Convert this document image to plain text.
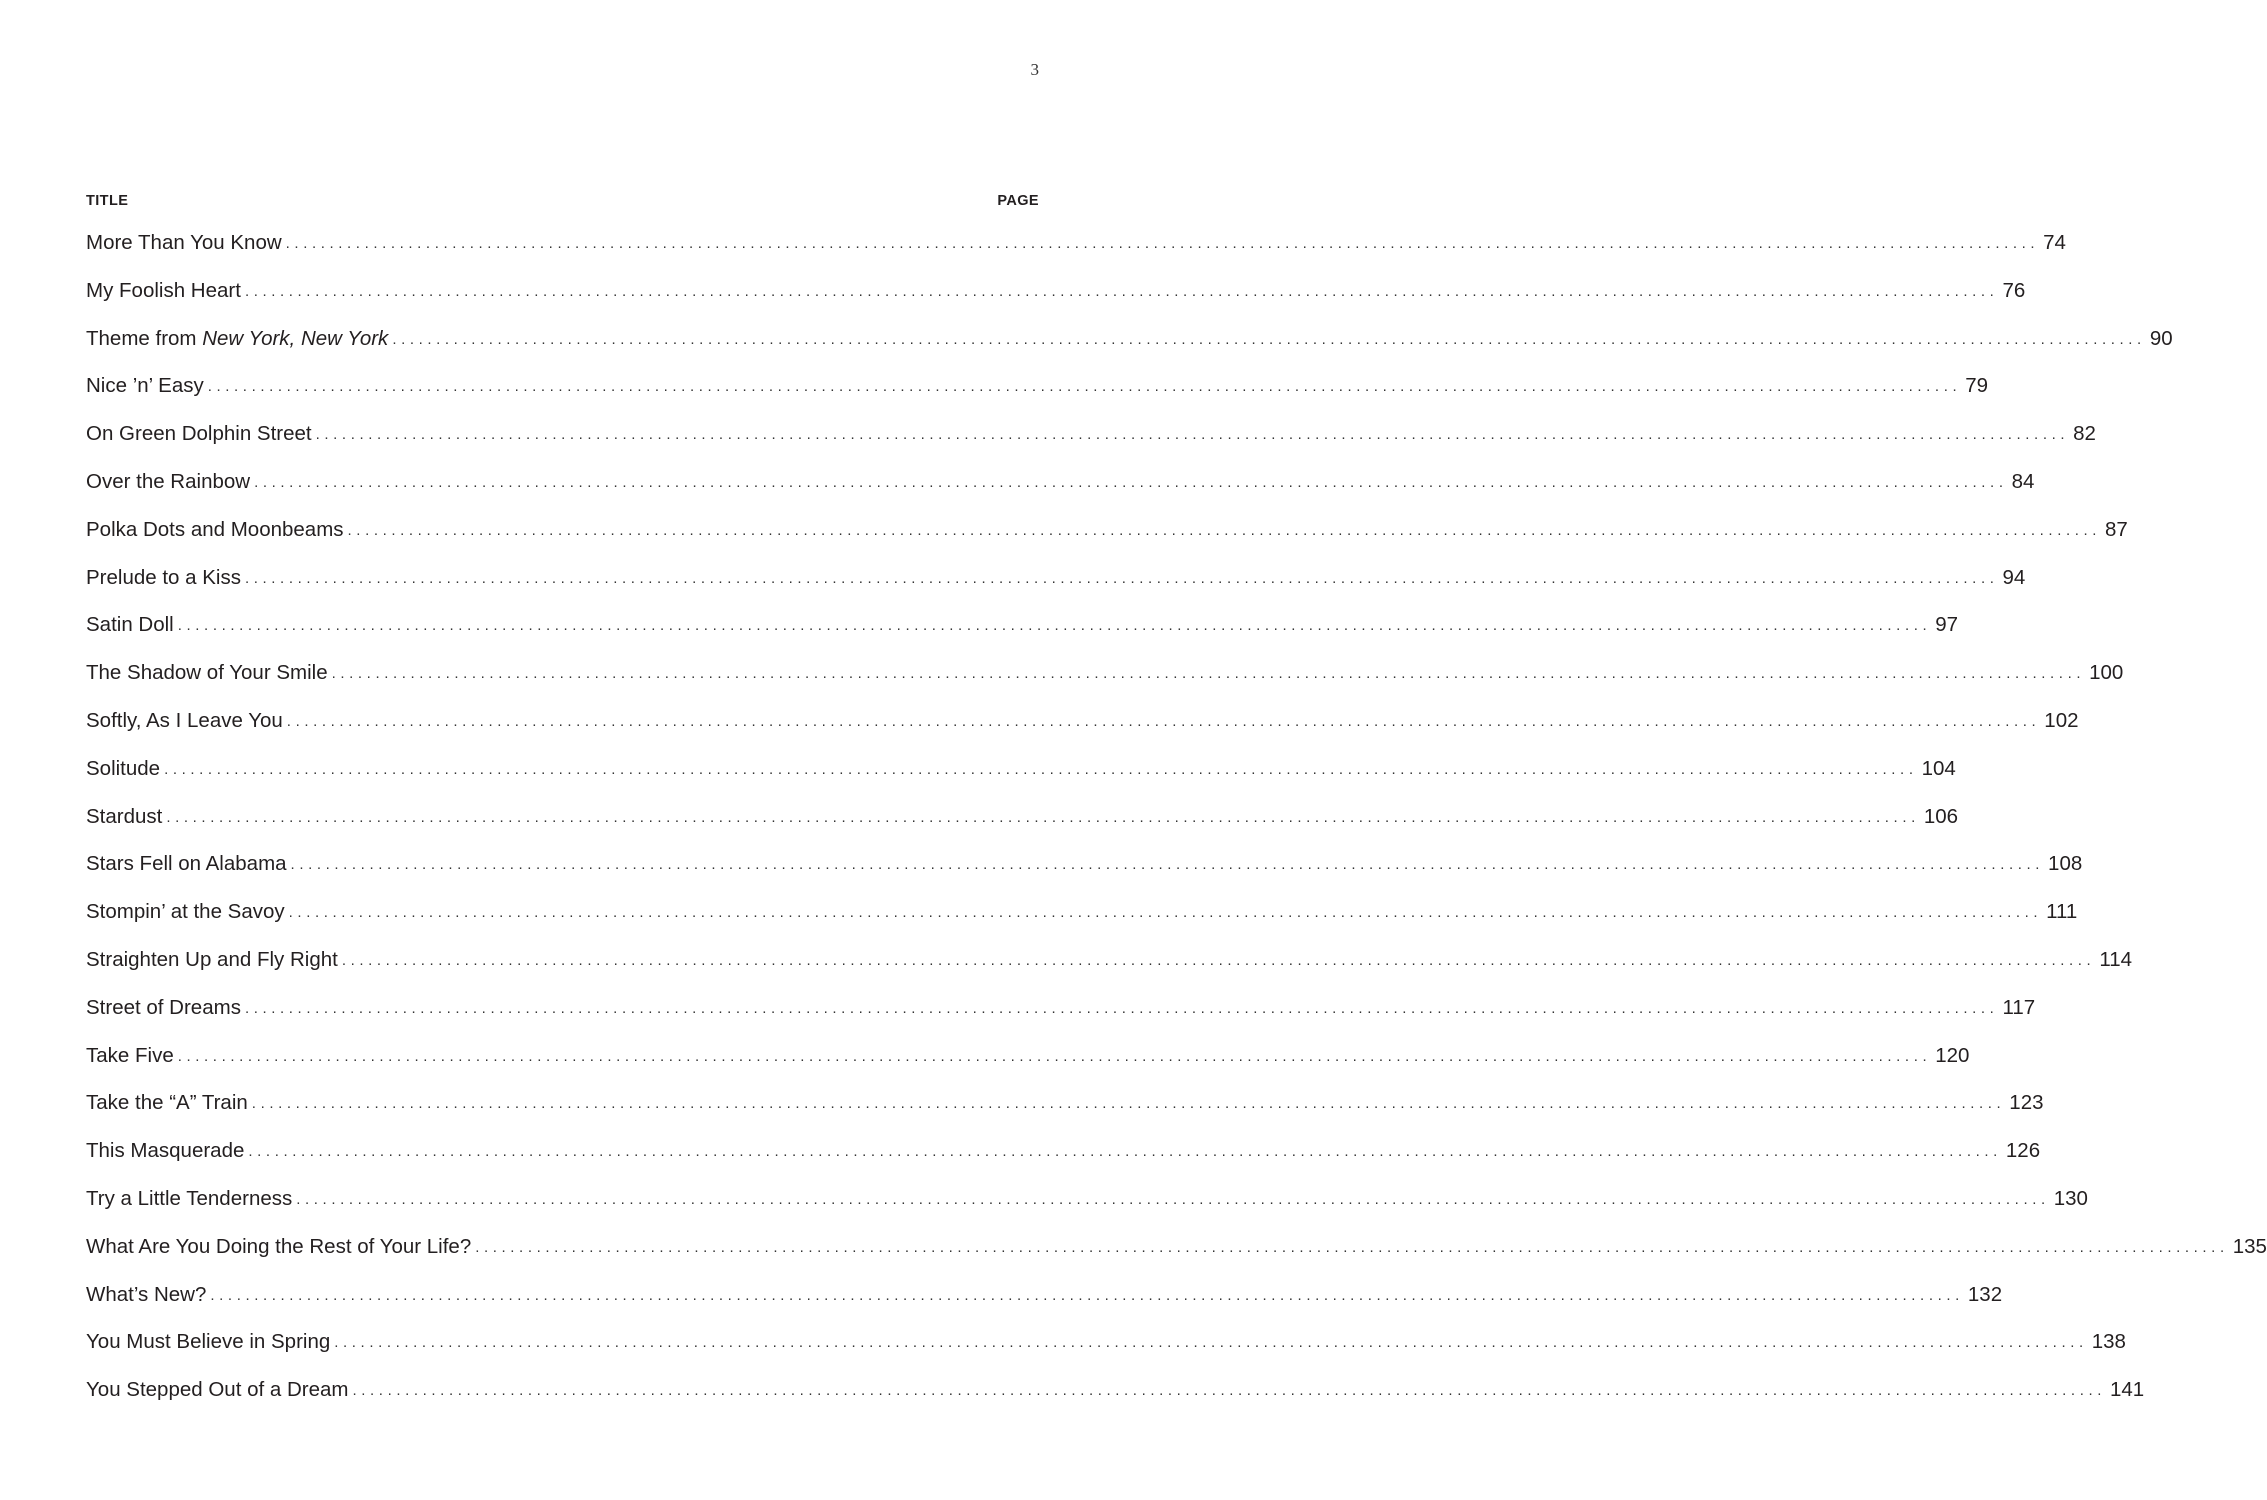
3
TITLE	PAGE
More Than You Know ........................................................................................................................................................................................................ 74
My Foolish Heart ........................................................................................................................................................................................................ 76
Theme from New York, New York ........................................................................................................................................................................................................ 90
Nice ’n’ Easy ........................................................................................................................................................................................................ 79
On Green Dolphin Street ........................................................................................................................................................................................................ 82
Over the Rainbow ........................................................................................................................................................................................................ 84
Polka Dots and Moonbeams ........................................................................................................................................................................................................ 87
Prelude to a Kiss ........................................................................................................................................................................................................ 94
Satin Doll ........................................................................................................................................................................................................ 97
The Shadow of Your Smile ........................................................................................................................................................................................................ 100
Softly, As I Leave You ........................................................................................................................................................................................................ 102
Solitude ........................................................................................................................................................................................................ 104
Stardust ........................................................................................................................................................................................................ 106
Stars Fell on Alabama ........................................................................................................................................................................................................ 108
Stompin’ at the Savoy ........................................................................................................................................................................................................ 111
Straighten Up and Fly Right ........................................................................................................................................................................................................ 114
Street of Dreams ........................................................................................................................................................................................................ 117
Take Five ........................................................................................................................................................................................................ 120
Take the “A” Train ........................................................................................................................................................................................................ 123
This Masquerade ........................................................................................................................................................................................................ 126
Try a Little Tenderness ........................................................................................................................................................................................................ 130
What Are You Doing the Rest of Your Life? ........................................................................................................................................................................................................ 135
What’s New? ........................................................................................................................................................................................................ 132
You Must Believe in Spring ........................................................................................................................................................................................................ 138
You Stepped Out of a Dream ........................................................................................................................................................................................................ 141
